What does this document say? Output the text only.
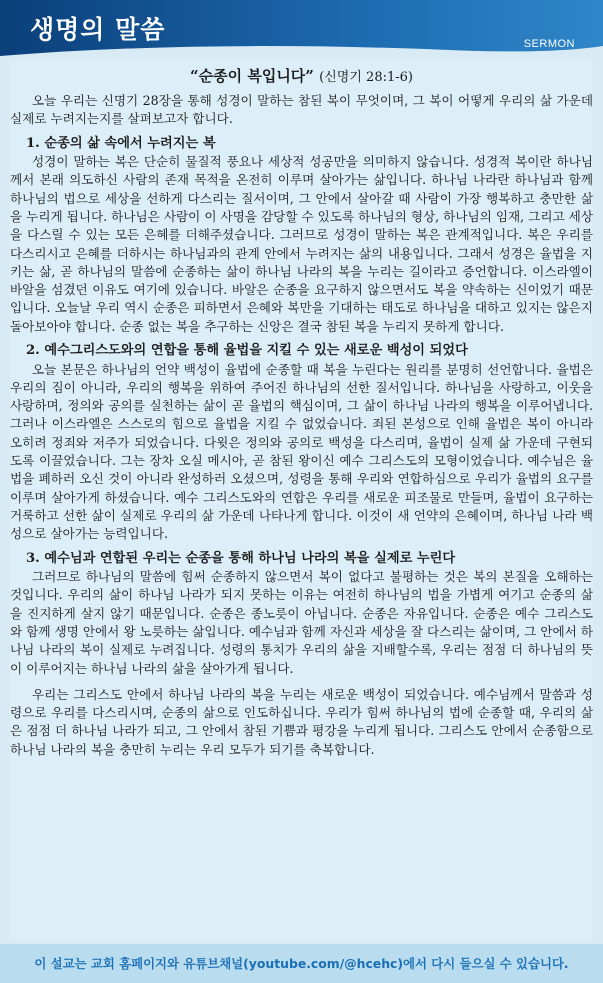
생명의 말씀	SERMON
“순종이 복입니다” (신명기 28:1-6)

오늘 우리는 신명기 28장을 통해 성경이 말하는 참된 복이 무엇이며, 그 복이 어떻게 우리의 삶 가운데 실제로 누려지는지를 살펴보고자 합니다.

1. 순종의 삶 속에서 누려지는 복

성경이 말하는 복은 단순히 물질적 풍요나 세상적 성공만을 의미하지 않습니다. 성경적 복이란 하나님께서 본래 의도하신 사람의 존재 목적을 온전히 이루며 살아가는 삶입니다. 하나님 나라란 하나님과 함께 하나님의 법으로 세상을 선하게 다스리는 질서이며, 그 안에서 살아갈 때 사람이 가장 행복하고 충만한 삶을 누리게 됩니다. 하나님은 사람이 이 사명을 감당할 수 있도록 하나님의 형상, 하나님의 임재, 그리고 세상을 다스릴 수 있는 모든 은혜를 더해주셨습니다. 그러므로 성경이 말하는 복은 관계적입니다. 복은 우리를 다스리시고 은혜를 더하시는 하나님과의 관계 안에서 누려지는 삶의 내용입니다. 그래서 성경은 율법을 지키는 삶, 곧 하나님의 말씀에 순종하는 삶이 하나님 나라의 복을 누리는 길이라고 증언합니다. 이스라엘이 바알을 섬겼던 이유도 여기에 있습니다. 바알은 순종을 요구하지 않으면서도 복을 약속하는 신이었기 때문입니다. 오늘날 우리 역시 순종은 피하면서 은혜와 복만을 기대하는 태도로 하나님을 대하고 있지는 않은지 돌아보아야 합니다. 순종 없는 복을 추구하는 신앙은 결국 참된 복을 누리지 못하게 합니다.

2. 예수그리스도와의 연합을 통해 율법을 지킬 수 있는 새로운 백성이 되었다

오늘 본문은 하나님의 언약 백성이 율법에 순종할 때 복을 누린다는 원리를 분명히 선언합니다. 율법은 우리의 짐이 아니라, 우리의 행복을 위하여 주어진 하나님의 선한 질서입니다. 하나님을 사랑하고, 이웃을 사랑하며, 정의와 공의를 실천하는 삶이 곧 율법의 핵심이며, 그 삶이 하나님 나라의 행복을 이루어냅니다. 그러나 이스라엘은 스스로의 힘으로 율법을 지킬 수 없었습니다. 죄된 본성으로 인해 율법은 복이 아니라 오히려 정죄와 저주가 되었습니다. 다윗은 정의와 공의로 백성을 다스리며, 율법이 실제 삶 가운데 구현되도록 이끌었습니다. 그는 장차 오실 메시아, 곧 참된 왕이신 예수 그리스도의 모형이었습니다. 예수님은 율법을 폐하러 오신 것이 아니라 완성하러 오셨으며, 성령을 통해 우리와 연합하심으로 우리가 율법의 요구를 이루며 살아가게 하셨습니다. 예수 그리스도와의 연합은 우리를 새로운 피조물로 만들며, 율법이 요구하는 거룩하고 선한 삶이 실제로 우리의 삶 가운데 나타나게 합니다. 이것이 새 언약의 은혜이며, 하나님 나라 백성으로 살아가는 능력입니다.

3. 예수님과 연합된 우리는 순종을 통해 하나님 나라의 복을 실제로 누린다

그러므로 하나님의 말씀에 힘써 순종하지 않으면서 복이 없다고 불평하는 것은 복의 본질을 오해하는 것입니다. 우리의 삶이 하나님 나라가 되지 못하는 이유는 여전히 하나님의 법을 가볍게 여기고 순종의 삶을 진지하게 살지 않기 때문입니다. 순종은 종노릇이 아닙니다. 순종은 자유입니다. 순종은 예수 그리스도와 함께 생명 안에서 왕 노릇하는 삶입니다. 예수님과 함께 자신과 세상을 잘 다스리는 삶이며, 그 안에서 하나님 나라의 복이 실제로 누려집니다. 성령의 통치가 우리의 삶을 지배할수록, 우리는 점점 더 하나님의 뜻이 이루어지는 하나님 나라의 삶을 살아가게 됩니다.

우리는 그리스도 안에서 하나님 나라의 복을 누리는 새로운 백성이 되었습니다. 예수님께서 말씀과 성령으로 우리를 다스리시며, 순종의 삶으로 인도하십니다. 우리가 힘써 하나님의 법에 순종할 때, 우리의 삶은 점점 더 하나님 나라가 되고, 그 안에서 참된 기쁨과 평강을 누리게 됩니다. 그리스도 안에서 순종함으로 하나님 나라의 복을 충만히 누리는 우리 모두가 되기를 축복합니다.

이 설교는 교회 홈페이지와 유튜브채널(youtube.com/@hcehc)에서 다시 들으실 수 있습니다.
